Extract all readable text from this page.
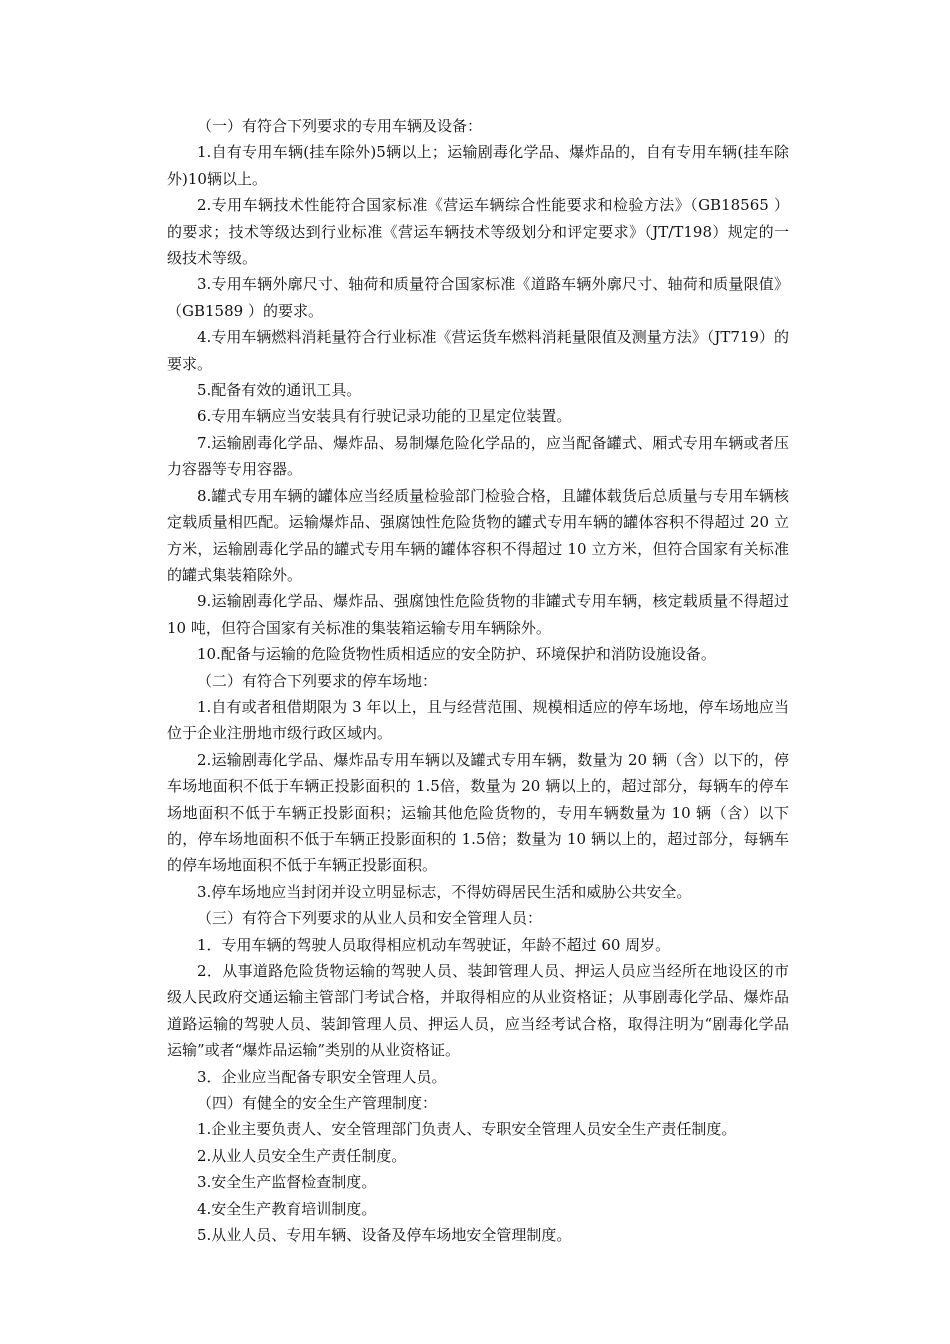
（一）有符合下列要求的专用车辆及设备：

1.自有专用车辆(挂车除外)5辆以上；运输剧毒化学品、爆炸品的，自有专用车辆(挂车除外)10辆以上。

2.专用车辆技术性能符合国家标准《营运车辆综合性能要求和检验方法》（GB18565 ）的要求；技术等级达到行业标准《营运车辆技术等级划分和评定要求》（JT/T198）规定的一级技术等级。

3.专用车辆外廓尺寸、轴荷和质量符合国家标准《道路车辆外廓尺寸、轴荷和质量限值》（GB1589 ）的要求。

4.专用车辆燃料消耗量符合行业标准《营运货车燃料消耗量限值及测量方法》（JT719）的要求。

5.配备有效的通讯工具。

6.专用车辆应当安装具有行驶记录功能的卫星定位装置。

7.运输剧毒化学品、爆炸品、易制爆危险化学品的，应当配备罐式、厢式专用车辆或者压力容器等专用容器。

8.罐式专用车辆的罐体应当经质量检验部门检验合格，且罐体载货后总质量与专用车辆核定载质量相匹配。运输爆炸品、强腐蚀性危险货物的罐式专用车辆的罐体容积不得超过 20 立方米，运输剧毒化学品的罐式专用车辆的罐体容积不得超过 10 立方米，但符合国家有关标准的罐式集装箱除外。

9.运输剧毒化学品、爆炸品、强腐蚀性危险货物的非罐式专用车辆，核定载质量不得超过 10 吨，但符合国家有关标准的集装箱运输专用车辆除外。

10.配备与运输的危险货物性质相适应的安全防护、环境保护和消防设施设备。

（二）有符合下列要求的停车场地：

1.自有或者租借期限为 3 年以上，且与经营范围、规模相适应的停车场地，停车场地应当位于企业注册地市级行政区域内。

2.运输剧毒化学品、爆炸品专用车辆以及罐式专用车辆，数量为 20 辆（含）以下的，停车场地面积不低于车辆正投影面积的 1.5倍，数量为 20 辆以上的，超过部分，每辆车的停车场地面积不低于车辆正投影面积；运输其他危险货物的，专用车辆数量为 10 辆（含）以下的，停车场地面积不低于车辆正投影面积的 1.5倍；数量为 10 辆以上的，超过部分，每辆车的停车场地面积不低于车辆正投影面积。

3.停车场地应当封闭并设立明显标志，不得妨碍居民生活和威胁公共安全。

（三）有符合下列要求的从业人员和安全管理人员：

1．专用车辆的驾驶人员取得相应机动车驾驶证，年龄不超过 60 周岁。

2．从事道路危险货物运输的驾驶人员、装卸管理人员、押运人员应当经所在地设区的市级人民政府交通运输主管部门考试合格，并取得相应的从业资格证；从事剧毒化学品、爆炸品道路运输的驾驶人员、装卸管理人员、押运人员，应当经考试合格，取得注明为“剧毒化学品运输”或者“爆炸品运输”类别的从业资格证。

3．企业应当配备专职安全管理人员。

（四）有健全的安全生产管理制度：

1.企业主要负责人、安全管理部门负责人、专职安全管理人员安全生产责任制度。

2.从业人员安全生产责任制度。

3.安全生产监督检查制度。

4.安全生产教育培训制度。

5.从业人员、专用车辆、设备及停车场地安全管理制度。
